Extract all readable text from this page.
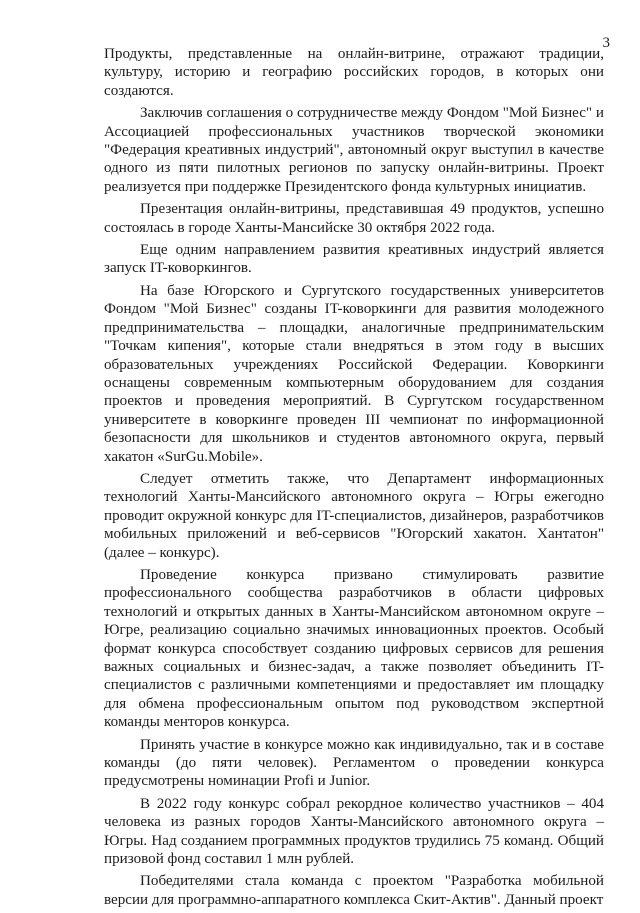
3

Продукты, представленные на онлайн-витрине, отражают традиции, культуру, историю и географию российских городов, в которых они создаются.

Заключив соглашения о сотрудничестве между Фондом "Мой Бизнес" и Ассоциацией профессиональных участников творческой экономики "Федерация креативных индустрий", автономный округ выступил в качестве одного из пяти пилотных регионов по запуску онлайн-витрины. Проект реализуется при поддержке Президентского фонда культурных инициатив.

Презентация онлайн-витрины, представившая 49 продуктов, успешно состоялась в городе Ханты-Мансийске 30 октября 2022 года.

Еще одним направлением развития креативных индустрий является запуск IT-коворкингов.

На базе Югорского и Сургутского государственных университетов Фондом "Мой Бизнес" созданы IT-коворкинги для развития молодежного предпринимательства – площадки, аналогичные предпринимательским "Точкам кипения", которые стали внедряться в этом году в высших образовательных учреждениях Российской Федерации. Коворкинги оснащены современным компьютерным оборудованием для создания проектов и проведения мероприятий. В Сургутском государственном университете в коворкинге проведен III чемпионат по информационной безопасности для школьников и студентов автономного округа, первый хакатон «SurGu.Mobile».

Следует отметить также, что Департамент информационных технологий Ханты-Мансийского автономного округа – Югры ежегодно проводит окружной конкурс для IT-специалистов, дизайнеров, разработчиков мобильных приложений и веб-сервисов "Югорский хакатон. Хантатон" (далее – конкурс).

Проведение конкурса призвано стимулировать развитие профессионального сообщества разработчиков в области цифровых технологий и открытых данных в Ханты-Мансийском автономном округе – Югре, реализацию социально значимых инновационных проектов. Особый формат конкурса способствует созданию цифровых сервисов для решения важных социальных и бизнес-задач, а также позволяет объединить IT-специалистов с различными компетенциями и предоставляет им площадку для обмена профессиональным опытом под руководством экспертной команды менторов конкурса.

Принять участие в конкурсе можно как индивидуально, так и в составе команды (до пяти человек). Регламентом о проведении конкурса предусмотрены номинации Profi и Junior.

В 2022 году конкурс собрал рекордное количество участников – 404 человека из разных городов Ханты-Мансийского автономного округа – Югры. Над созданием программных продуктов трудились 75 команд. Общий призовой фонд составил 1 млн рублей.

Победителями стала команда с проектом "Разработка мобильной версии для программно-аппаратного комплекса Скит-Актив". Данный проект
